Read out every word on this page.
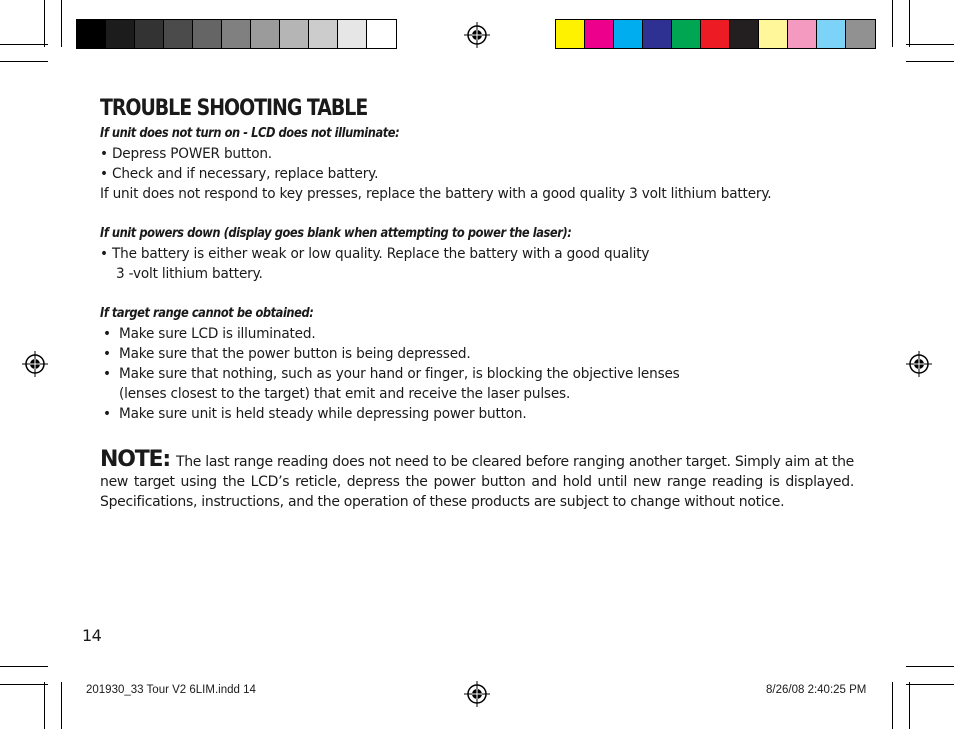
TROUBLE SHOOTING TABLE
If unit does not turn on - LCD does not illuminate:
• Depress POWER button.
• Check and if necessary, replace battery.
If unit does not respond to key presses, replace the battery with a good quality 3 volt lithium battery.
If unit powers down (display goes blank when attempting to power the laser):
• The battery is either weak or low quality. Replace the battery with a good quality
3 -volt lithium battery.
If target range cannot be obtained:
• Make sure LCD is illuminated.
• Make sure that the power button is being depressed.
• Make sure that nothing, such as your hand or finger, is blocking the objective lenses
(lenses closest to the target) that emit and receive the laser pulses.
• Make sure unit is held steady while depressing power button.
NOTE: The last range reading does not need to be cleared before ranging another target. Simply aim at the new target using the LCD’s reticle, depress the power button and hold until new range reading is displayed. Specifications, instructions, and the operation of these products are subject to change without notice.
14
201930_33 Tour V2 6LIM.indd 14	8/26/08 2:40:25 PM
